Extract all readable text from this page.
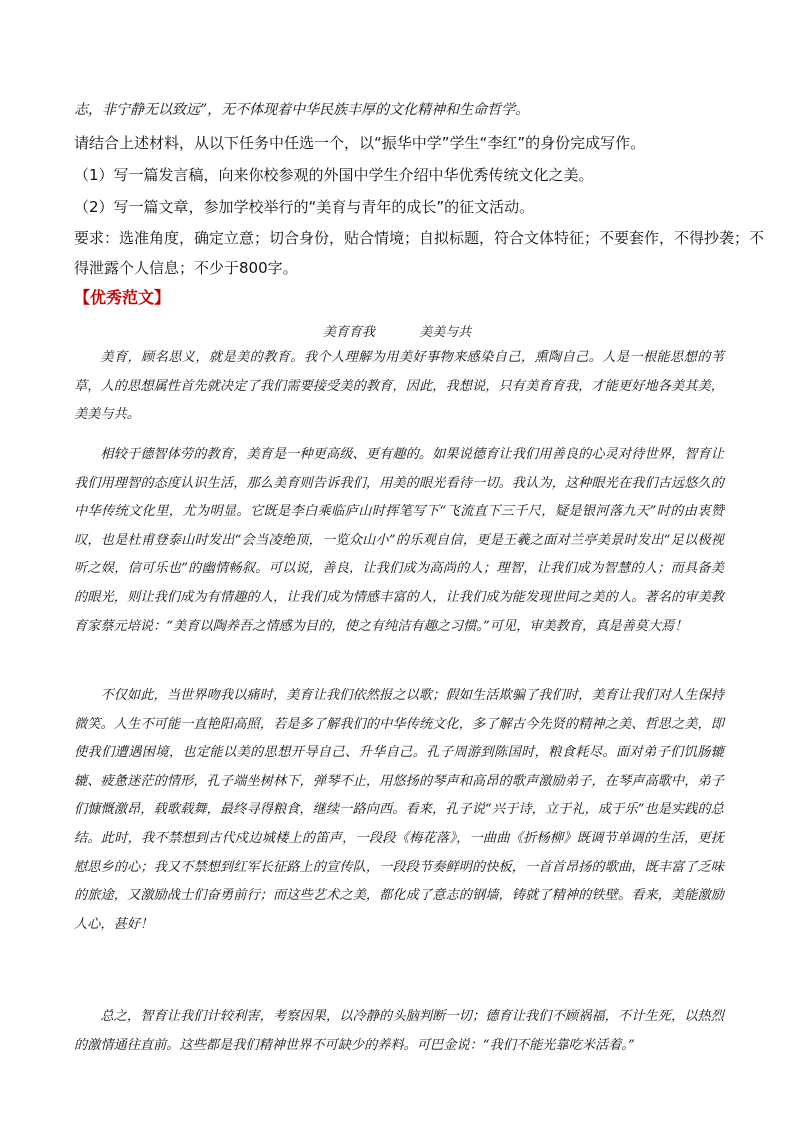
志，非宁静无以致远”，无不体现着中华民族丰厚的文化精神和生命哲学。
请结合上述材料，从以下任务中任选一个，以“振华中学”学生“李红”的身份完成写作。
（1）写一篇发言稿，向来你校参观的外国中学生介绍中华优秀传统文化之美。
（2）写一篇文章，参加学校举行的“美育与青年的成长”的征文活动。
要求：选准角度，确定立意；切合身份，贴合情境；自拟标题，符合文体特征；不要套作，不得抄袭；不
得泄露个人信息；不少于800字。
【优秀范文】
美育育我	美美与共

美育，顾名思义，就是美的教育。我个人理解为用美好事物来感染自己，熏陶自己。人是一根能思想的苇草，人的思想属性首先就决定了我们需要接受美的教育，因此，我想说，只有美育育我，才能更好地各美其美，美美与共。

相较于德智体劳的教育，美育是一种更高级、更有趣的。如果说德育让我们用善良的心灵对待世界，智育让我们用理智的态度认识生活，那么美育则告诉我们，用美的眼光看待一切。我认为，这种眼光在我们古远悠久的中华传统文化里，尤为明显。它既是李白乘临庐山时挥笔写下“飞流直下三千尺，疑是银河落九天”时的由衷赞叹，也是杜甫登泰山时发出“会当凌绝顶，一览众山小”的乐观自信，更是王羲之面对兰亭美景时发出“足以极视听之娱，信可乐也”的幽情畅叙。可以说，善良，让我们成为高尚的人；理智，让我们成为智慧的人；而具备美的眼光，则让我们成为有情趣的人，让我们成为情感丰富的人，让我们成为能发现世间之美的人。著名的审美教育家蔡元培说：“美育以陶养吾之情感为目的，使之有纯洁有趣之习惯。”可见，审美教育，真是善莫大焉！

不仅如此，当世界吻我以痛时，美育让我们依然报之以歌；假如生活欺骗了我们时，美育让我们对人生保持微笑。人生不可能一直艳阳高照，若是多了解我们的中华传统文化，多了解古今先贤的精神之美、哲思之美，即使我们遭遇困境，也定能以美的思想开导自己、升华自己。孔子周游到陈国时，粮食耗尽。面对弟子们饥肠辘辘、疲惫迷茫的情形，孔子端坐树林下，弹琴不止，用悠扬的琴声和高昂的歌声激励弟子，在琴声高歌中，弟子们慷慨激昂，载歌载舞，最终寻得粮食，继续一路向西。看来，孔子说“兴于诗，立于礼，成于乐”也是实践的总结。此时，我不禁想到古代戍边城楼上的笛声，一段段《梅花落》，一曲曲《折杨柳》既调节单调的生活，更抚慰思乡的心；我又不禁想到红军长征路上的宣传队，一段段节奏鲜明的快板，一首首昂扬的歌曲，既丰富了乏味的旅途，又激励战士们奋勇前行；而这些艺术之美，都化成了意志的钢墙，铸就了精神的铁壁。看来，美能激励人心，甚好！

总之，智育让我们计较利害，考察因果，以冷静的头脑判断一切；德育让我们不顾祸福，不计生死，以热烈的激情通往直前。这些都是我们精神世界不可缺少的养料。可巴金说：“我们不能光靠吃米活着。”
